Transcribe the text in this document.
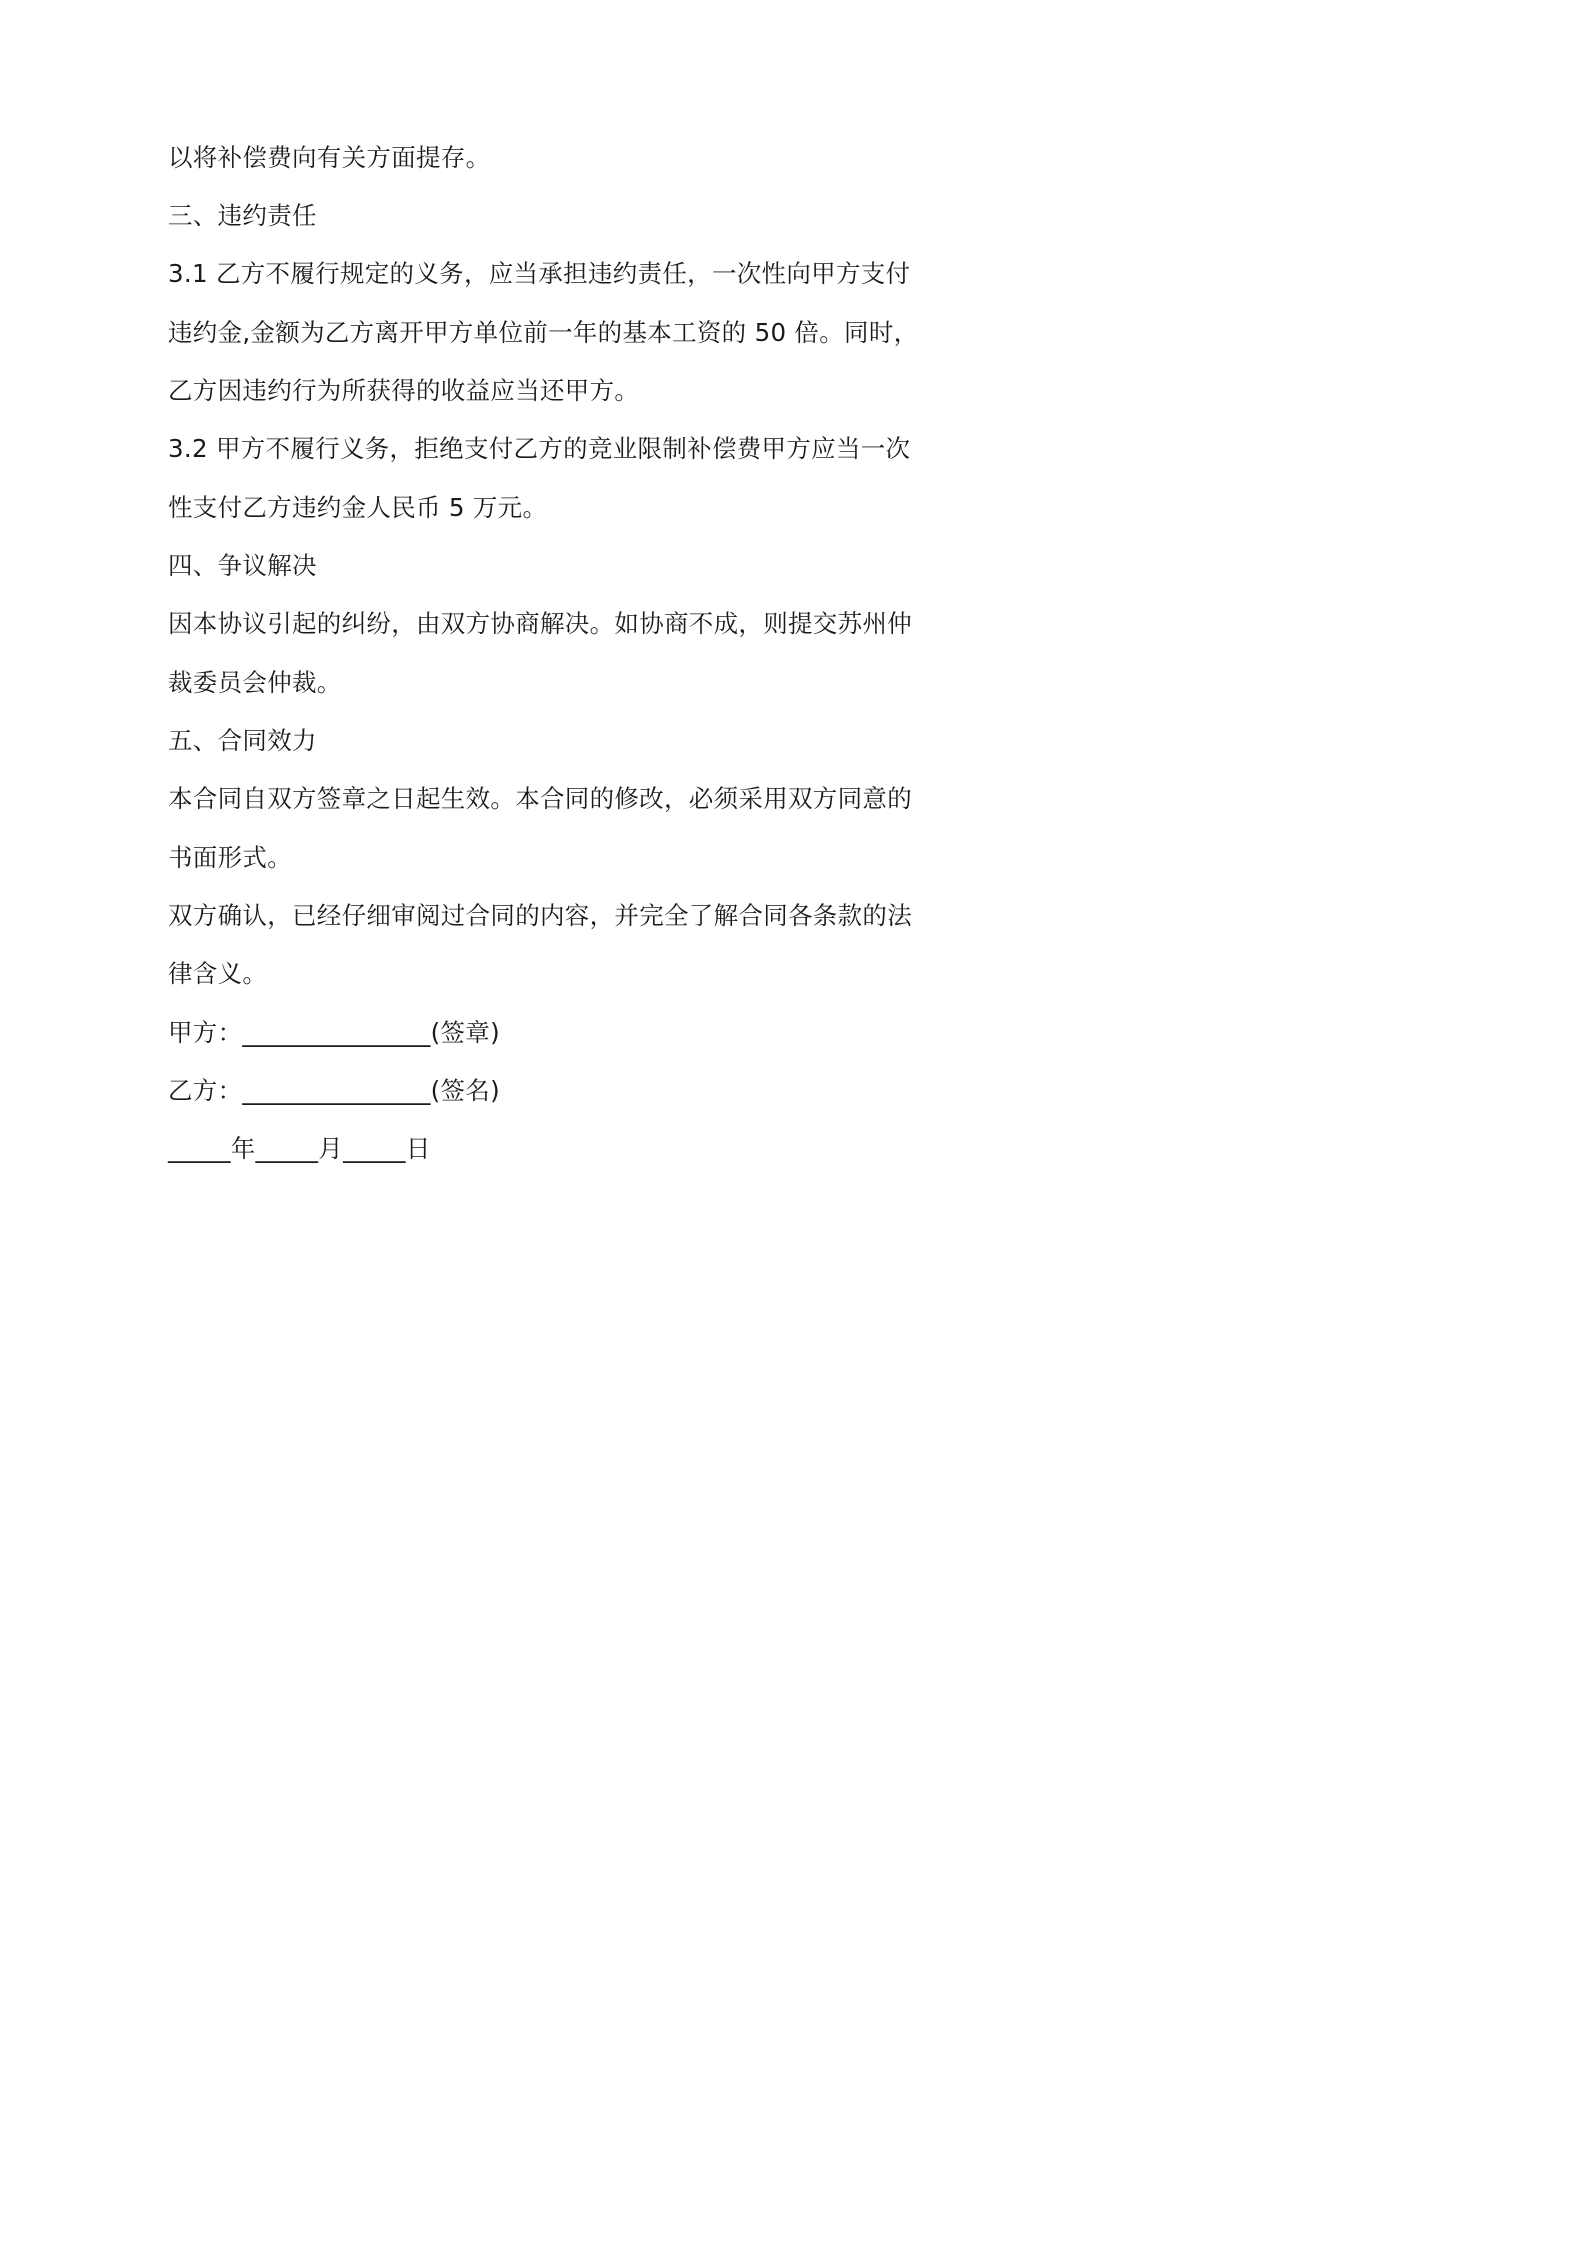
以将补偿费向有关方面提存。
三、违约责任
3.1 乙方不履行规定的义务，应当承担违约责任，一次性向甲方支付
违约金,金额为乙方离开甲方单位前一年的基本工资的 50 倍。同时，
乙方因违约行为所获得的收益应当还甲方。
3.2 甲方不履行义务，拒绝支付乙方的竞业限制补偿费甲方应当一次
性支付乙方违约金人民币 5 万元。
四、争议解决
因本协议引起的纠纷，由双方协商解决。如协商不成，则提交苏州仲
裁委员会仲裁。
五、合同效力
本合同自双方签章之日起生效。本合同的修改，必须采用双方同意的
书面形式。
双方确认，已经仔细审阅过合同的内容，并完全了解合同各条款的法
律含义。
甲方：_______________(签章)
乙方：_______________(签名)
_____年_____月_____日
